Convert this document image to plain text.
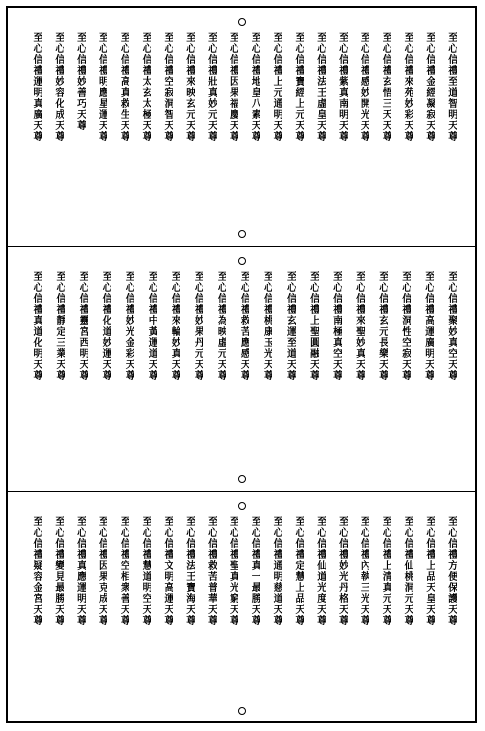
至心信禮至道智明天尊
至心信禮金經凝寂天尊
至心信禮來苑妙彩天尊
至心信禮玄悟三天天尊
至心信禮感妙開光天尊
至心信禮紫真南明天尊
至心信禮法王虛皇天尊
至心信禮寶經上元天尊
至心信禮上元通明天尊
至心信禮地皇八素天尊
至心信禮因果福慶天尊
至心信禮壯真妙元天尊
至心信禮來映玄元天尊
至心信禮空寂洞智天尊
至心信禮太玄太極天尊
至心信禮高真救生天尊
至心信禮明應星運天尊
至心信禮妙善巧天尊
至心信禮妙容化成天尊
至心信禮運明真廣天尊
至心信禮聚妙真空天尊
至心信禮高運廣明天尊
至心信禮洞性空寂天尊
至心信禮玄元長樂天尊
至心信禮來聖妙真天尊
至心信禮南極真空天尊
至心信禮上聖圓融天尊
至心信禮玄運至道天尊
至心信禮桃康玉光天尊
至心信禮救苦應感天尊
至心信禮為映虛元天尊
至心信禮妙果丹元天尊
至心信禮來輪妙真天尊
至心信禮中黃運道天尊
至心信禮妙光金彩天尊
至心信禮化道妙運天尊
至心信禮靈宮西明天尊
至心信禮靜定三業天尊
至心信禮真道化明天尊
至心信禮方便保護天尊
至心信禮上品天皇天尊
至心信禮仙桃洞元天尊
至心信禮上清真元天尊
至心信禮內執三光天尊
至心信禮妙光丹格天尊
至心信禮仙道光度天尊
至心信禮定慧上品天尊
至心信禮通明慈道天尊
至心信禮真一最勝天尊
至心信禮聖真光窮天尊
至心信禮救苦普華天尊
至心信禮法王寶海天尊
至心信禮文明高運天尊
至心信禮慧道明空天尊
至心信禮空相衆善天尊
至心信禮因果克成天尊
至心信禮真應運明天尊
至心信禮變見最勝天尊
至心信禮疑容金宮天尊
